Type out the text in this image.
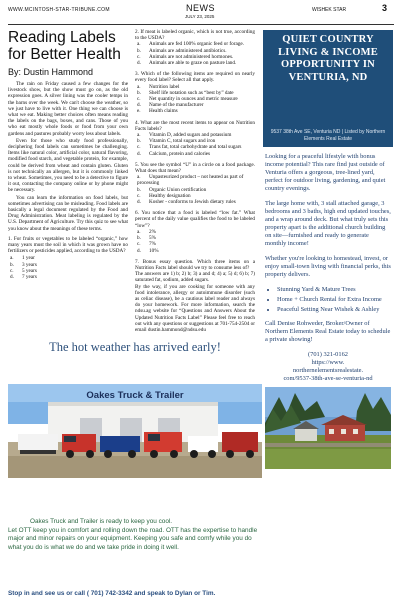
WWW.MCINTOSH-STAR-TRIBUNE.COM	NEWS
JULY 23, 2025
WISHEK STAR	3
Reading Labels for Better Health
By: Dustin Hammond

The rain on Friday caused a few changes for the livestock show, but the show must go on, as the old expression goes. A silver lining was the cooler temps in the barns over the week. We can't choose the weather, so we just have to live with it. One thing we can choose is what we eat. Making better choices often means reading the labels on the bags, boxes, and cans. Those of you who eat mostly whole foods or food from your own gardens and pastures probably worry less about labels.

Even for those who study food professionally, deciphering food labels can sometimes be challenging. Items like natural color, artificial color, natural flavoring, modified food starch, and vegetable protein, for example, could be derived from wheat and contain gluten. Gluten is not technically an allergen, but it is commonly linked to wheat. Sometimes, you need to be a detective to figure it out, contacting the company online or by phone might be necessary.

You can learn the information on food labels, but sometimes advertising can be misleading. Food labels are basically a legal document regulated by the Food and Drug Administration. Meat labeling is regulated by the U.S. Department of Agriculture. Try this quiz to see what you know about the meanings of these terms.

1. For fruits or vegetables to be labeled “organic,” how many years must the soil in which it was grown have no fertilizers or pesticides applied, according to the USDA?
a. 1 year
b. 3 years
c. 5 years
d. 7 years
2. If meat is labeled organic, which is not true, according to the USDA?
a. Animals are fed 100% organic feed or forage.
b. Animals are administered antibiotics.
c. Animals are not administered hormones.
d. Animals are able to graze on pasture land.
3. Which of the following items are required on nearly every food label? Select all that apply.
a. Nutrition label
b. Shelf life notation such as “best by” date
c. Net quantity in ounces and metric measure
d. Name of the manufacturer
e. Health claims
4. What are the most recent items to appear on Nutrition Facts labels?
a. Vitamin D, added sugars and potassium
b. Vitamin C, total sugars and iron
c. Trans fat, total carbohydrate and total sugars
d. Calcium, protein and calories
5. You see the symbol “U” in a circle on a food package. What does that mean?
a. Unpasteurized product – not heated as part of processing
b. Organic Union certification
c. Healthy designation
d. Kosher - conforms to Jewish dietary rules
6. You notice that a food is labeled “low fat.” What percent of the daily value qualifies the food to be labeled “low”?
a. 2%
b. 5%
c. 7%
d. 10%
7. Bonus essay question. Which three items on a Nutrition Facts label should we try to consume less of?
The answers are 1) b; 2) b; 3) a and d; 4) a; 5) d; 6) b; 7) saturated fat, sodium, added sugars.
By the way, if you are cooking for someone with any food intolerance, allergy or autoimmune disorder (such as celiac disease), be a cautious label reader and always do your homework. For more information, search the ndsu.ag website for “Questions and Answers About the Updated Nutrition Facts Label” Please feel free to reach out with any questions or suggestions at 701-754-2504 or email dustin.hammond@ndsu.edu
QUIET COUNTRY LIVING & INCOME OPPORTUNITY IN VENTURIA, ND
9537 38th Ave SE, Venturia ND | Listed by Northern Elements Real Estate

Looking for a peaceful lifestyle with bonus income potential? This rare find just outside of Venturia offers a gorgeous, tree-lined yard, perfect for outdoor living, gardening, and quiet country evenings.

The large home with, 3 stall attached garage, 3 bedrooms and 3 baths, high end updated touches, and a wrap around deck. But what truly sets this property apart is the additional church building on site—furnished and ready to generate monthly income!

Whether you're looking to homestead, invest, or enjoy small-town living with financial perks, this property delivers.

• Stunning Yard & Mature Trees
• Home + Church Rental for Extra Income
• Peaceful Setting Near Wishek & Ashley

Call Denise Rohweder, Broker/Owner of Northern Elements Real Estate today to schedule a private showing!

(701) 321-0162
https://www.
northernelementsrealestate.
com/9537-38th-ave-se-venturia-nd
The hot weather has arrived early!
Oakes Truck & Trailer
Oakes Truck and Trailer is ready to keep you cool.
Let OTT keep you in comfort and rolling down the road. OTT has the expertise to handle major and minor repairs on your equipment. Keeping you safe and comfy while you do what you do is what we do and we take pride in doing it well.
Stop in and see us or call ( 701) 742-3342 and speak to Dylan or Tim.
